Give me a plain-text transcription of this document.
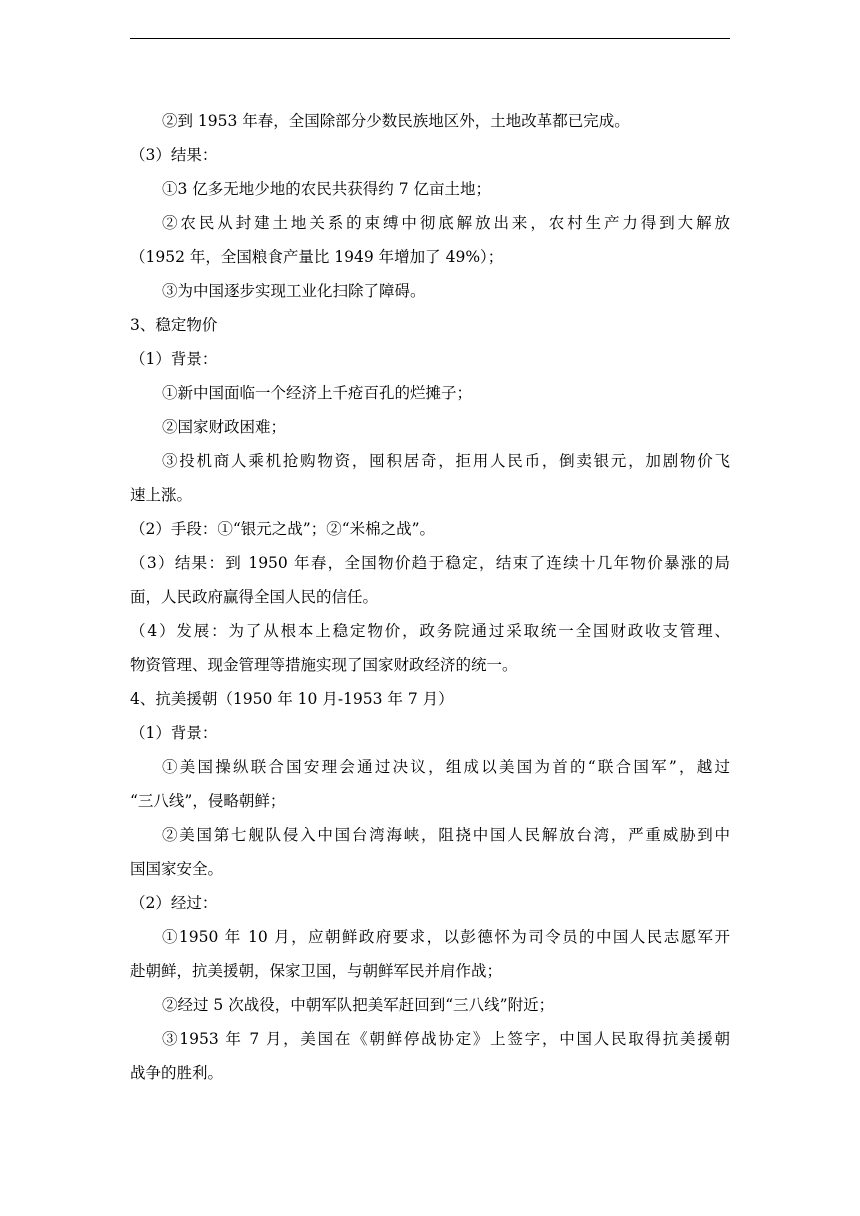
②到 1953 年春，全国除部分少数民族地区外，土地改革都已完成。
（3）结果：
①3 亿多无地少地的农民共获得约 7 亿亩土地；
②农民从封建土地关系的束缚中彻底解放出来，农村生产力得到大解放
（1952 年，全国粮食产量比 1949 年增加了 49%）；
③为中国逐步实现工业化扫除了障碍。
3、稳定物价
（1）背景：
①新中国面临一个经济上千疮百孔的烂摊子；
②国家财政困难；
③投机商人乘机抢购物资，囤积居奇，拒用人民币，倒卖银元，加剧物价飞
速上涨。
（2）手段：①“银元之战”；②“米棉之战”。
（3）结果：到 1950 年春，全国物价趋于稳定，结束了连续十几年物价暴涨的局
面，人民政府赢得全国人民的信任。
（4）发展：为了从根本上稳定物价，政务院通过采取统一全国财政收支管理、
物资管理、现金管理等措施实现了国家财政经济的统一。
4、抗美援朝（1950 年 10 月-1953 年 7 月）
（1）背景：
①美国操纵联合国安理会通过决议，组成以美国为首的“联合国军”，越过
“三八线”，侵略朝鲜；
②美国第七舰队侵入中国台湾海峡，阻挠中国人民解放台湾，严重威胁到中
国国家安全。
（2）经过：
①1950 年 10 月，应朝鲜政府要求，以彭德怀为司令员的中国人民志愿军开
赴朝鲜，抗美援朝，保家卫国，与朝鲜军民并肩作战；
②经过 5 次战役，中朝军队把美军赶回到“三八线”附近；
③1953 年 7 月，美国在《朝鲜停战协定》上签字，中国人民取得抗美援朝
战争的胜利。
